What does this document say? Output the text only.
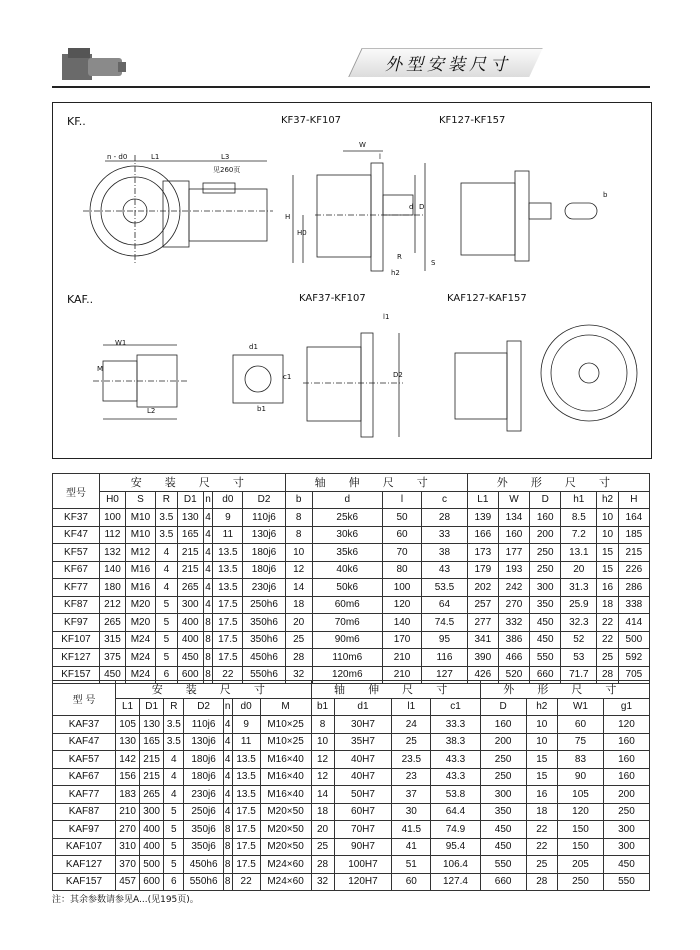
外型安装尺寸
KF..	KF37-KF107	KF127-KF157
KAF..	KAF37-KF107	KAF127-KAF157
n - d0	L1	L3
见260页
W
l
b
H
H0
d D
R
h2
S
W1
L2
M
d1
c1
b1
l1
D2
型号	安 装 尺 寸							轴 伸 尺 寸				外 形 尺 寸					
	H0	S	R	D1	n	d0	D2	b	d	l	c	L1	W	D	h1	h2	H
KF37	100	M10	3.5	130	4	9	110j6	8	25k6	50	28	139	134	160	8.5	10	164
KF47	112	M10	3.5	165	4	11	130j6	8	30k6	60	33	166	160	200	7.2	10	185
KF57	132	M12	4	215	4	13.5	180j6	10	35k6	70	38	173	177	250	13.1	15	215
KF67	140	M16	4	215	4	13.5	180j6	12	40k6	80	43	179	193	250	20	15	226
KF77	180	M16	4	265	4	13.5	230j6	14	50k6	100	53.5	202	242	300	31.3	16	286
KF87	212	M20	5	300	4	17.5	250h6	18	60m6	120	64	257	270	350	25.9	18	338
KF97	265	M20	5	400	8	17.5	350h6	20	70m6	140	74.5	277	332	450	32.3	22	414
KF107	315	M24	5	400	8	17.5	350h6	25	90m6	170	95	341	386	450	52	22	500
KF127	375	M24	5	450	8	17.5	450h6	28	110m6	210	116	390	466	550	53	25	592
KF157	450	M24	6	600	8	22	550h6	32	120m6	210	127	426	520	660	71.7	28	705
型 号	安 装 尺 寸							轴 伸 尺 寸				外 形 尺 寸			
	L1	D1	R	D2	n	d0	M	b1	d1	l1	c1	D	h2	W1	g1
KAF37	105	130	3.5	110j6	4	9	M10×25	8	30H7	24	33.3	160	10	60	120
KAF47	130	165	3.5	130j6	4	11	M10×25	10	35H7	25	38.3	200	10	75	160
KAF57	142	215	4	180j6	4	13.5	M16×40	12	40H7	23.5	43.3	250	15	83	160
KAF67	156	215	4	180j6	4	13.5	M16×40	12	40H7	23	43.3	250	15	90	160
KAF77	183	265	4	230j6	4	13.5	M16×40	14	50H7	37	53.8	300	16	105	200
KAF87	210	300	5	250j6	4	17.5	M20×50	18	60H7	30	64.4	350	18	120	250
KAF97	270	400	5	350j6	8	17.5	M20×50	20	70H7	41.5	74.9	450	22	150	300
KAF107	310	400	5	350j6	8	17.5	M20×50	25	90H7	41	95.4	450	22	150	300
KAF127	370	500	5	450h6	8	17.5	M24×60	28	100H7	51	106.4	550	25	205	450
KAF157	457	600	6	550h6	8	22	M24×60	32	120H7	60	127.4	660	28	250	550
注：其余参数请参见A...(见195页)。
